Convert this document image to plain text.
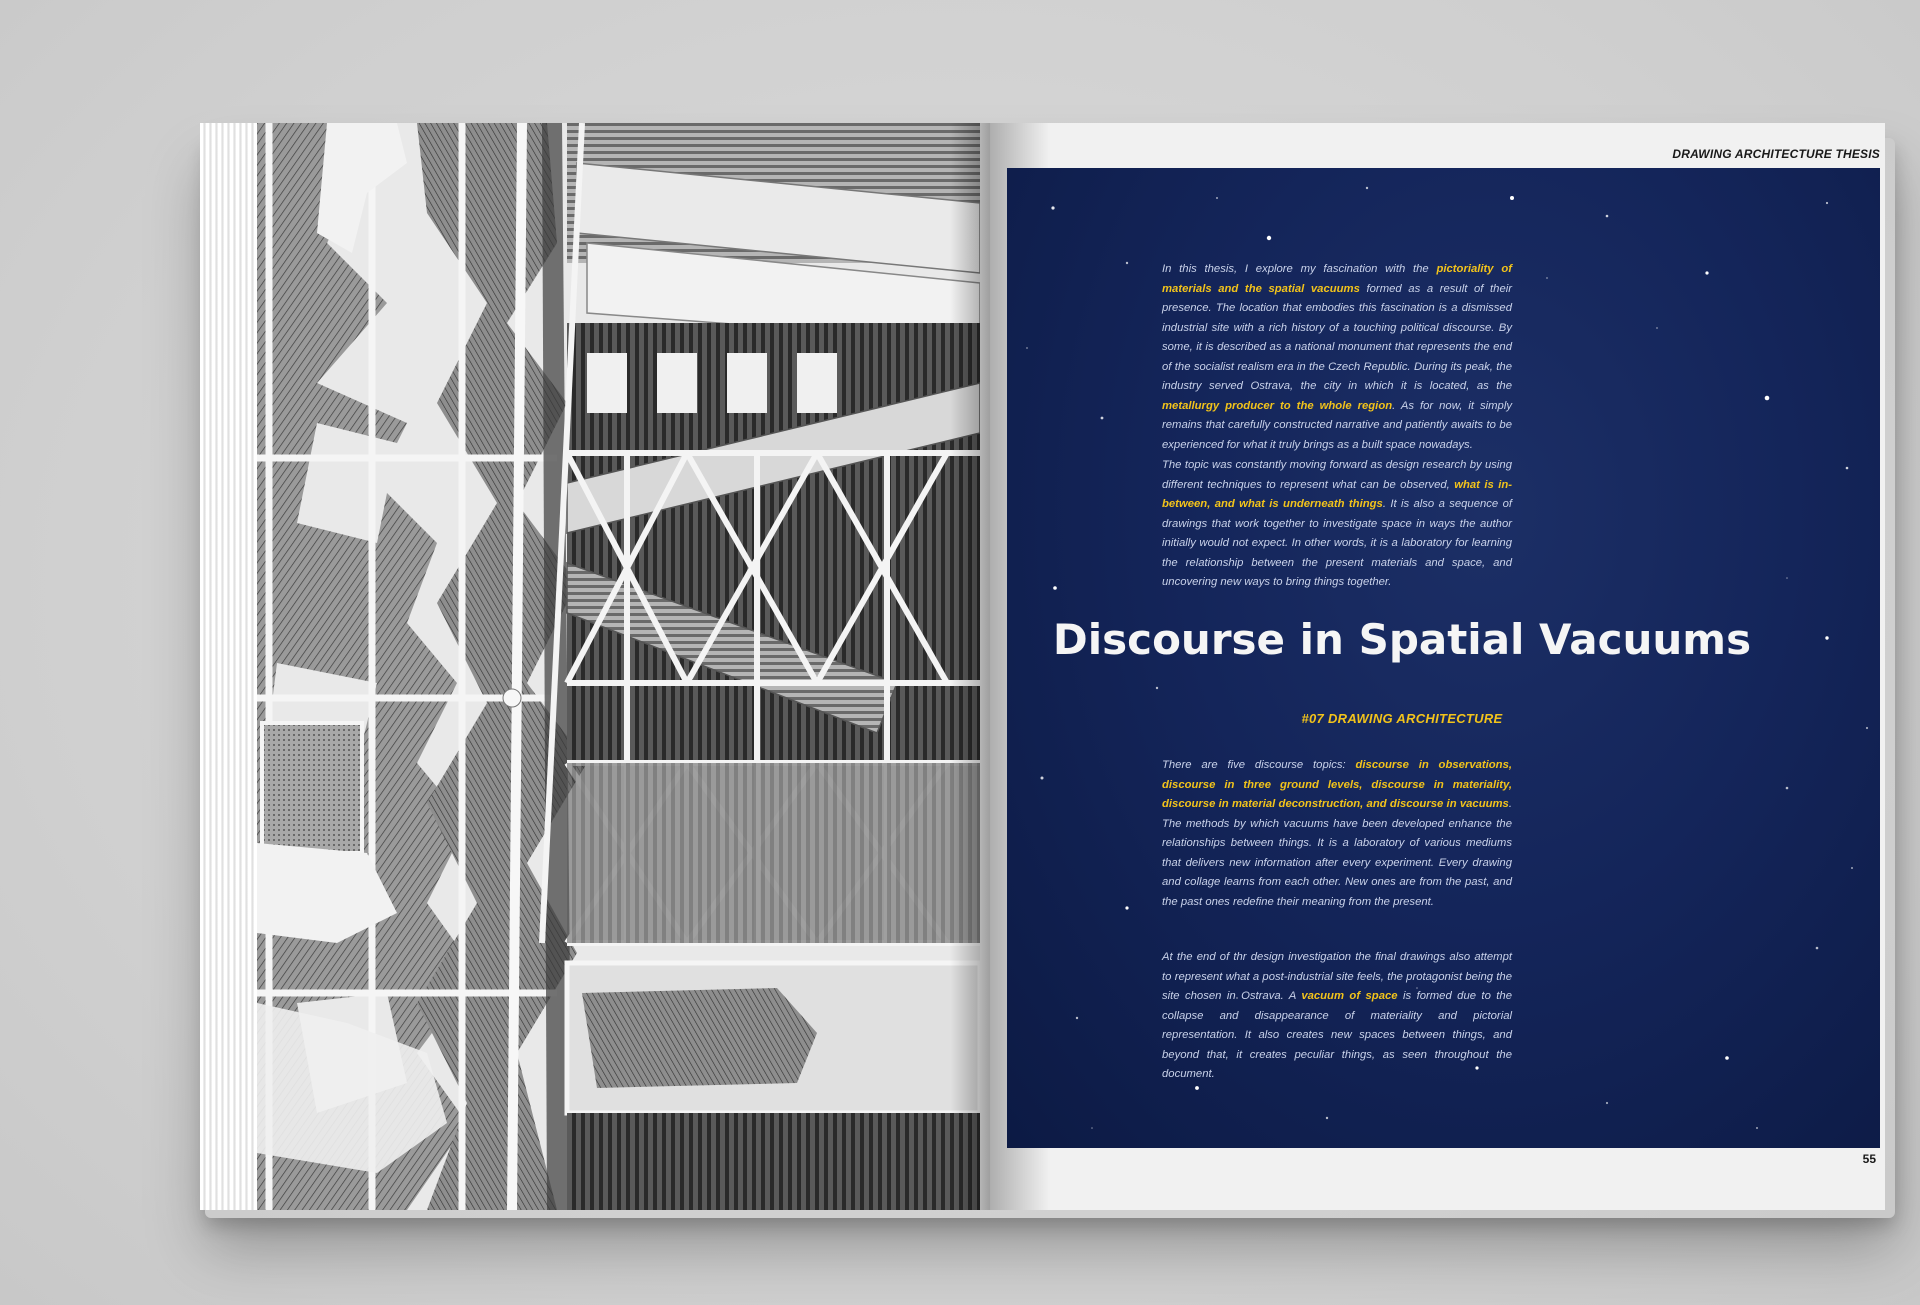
DRAWING ARCHITECTURE THESIS
In this thesis, I explore my fascination with the pictoriality of materials and the spatial vacuums formed as a result of their presence. The location that embodies this fascination is a dismissed industrial site with a rich history of a touching political discourse. By some, it is described as a national monument that represents the end of the socialist realism era in the Czech Republic. During its peak, the industry served Ostrava, the city in which it is located, as the metallurgy producer to the whole region. As for now, it simply remains that carefully constructed narrative and patiently awaits to be experienced for what it truly brings as a built space nowadays.
The topic was constantly moving forward as design research by using different techniques to represent what can be observed, what is in-between, and what is underneath things. It is also a sequence of drawings that work together to investigate space in ways the author initially would not expect. In other words, it is a laboratory for learning the relationship between the present materials and space, and uncovering new ways to bring things together.
Discourse in Spatial Vacuums
#07 DRAWING ARCHITECTURE
There are five discourse topics: discourse in observations, discourse in three ground levels, discourse in materiality, discourse in material deconstruction, and discourse in vacuums. The methods by which vacuums have been developed enhance the relationships between things. It is a laboratory of various mediums that delivers new information after every experiment. Every drawing and collage learns from each other. New ones are from the past, and the past ones redefine their meaning from the present.
At the end of thr design investigation the final drawings also attempt to represent what a post-industrial site feels, the protagonist being the site chosen in Ostrava. A vacuum of space is formed due to the collapse and disappearance of materiality and pictorial representation. It also creates new spaces between things, and beyond that, it creates peculiar things, as seen throughout the document.
55
